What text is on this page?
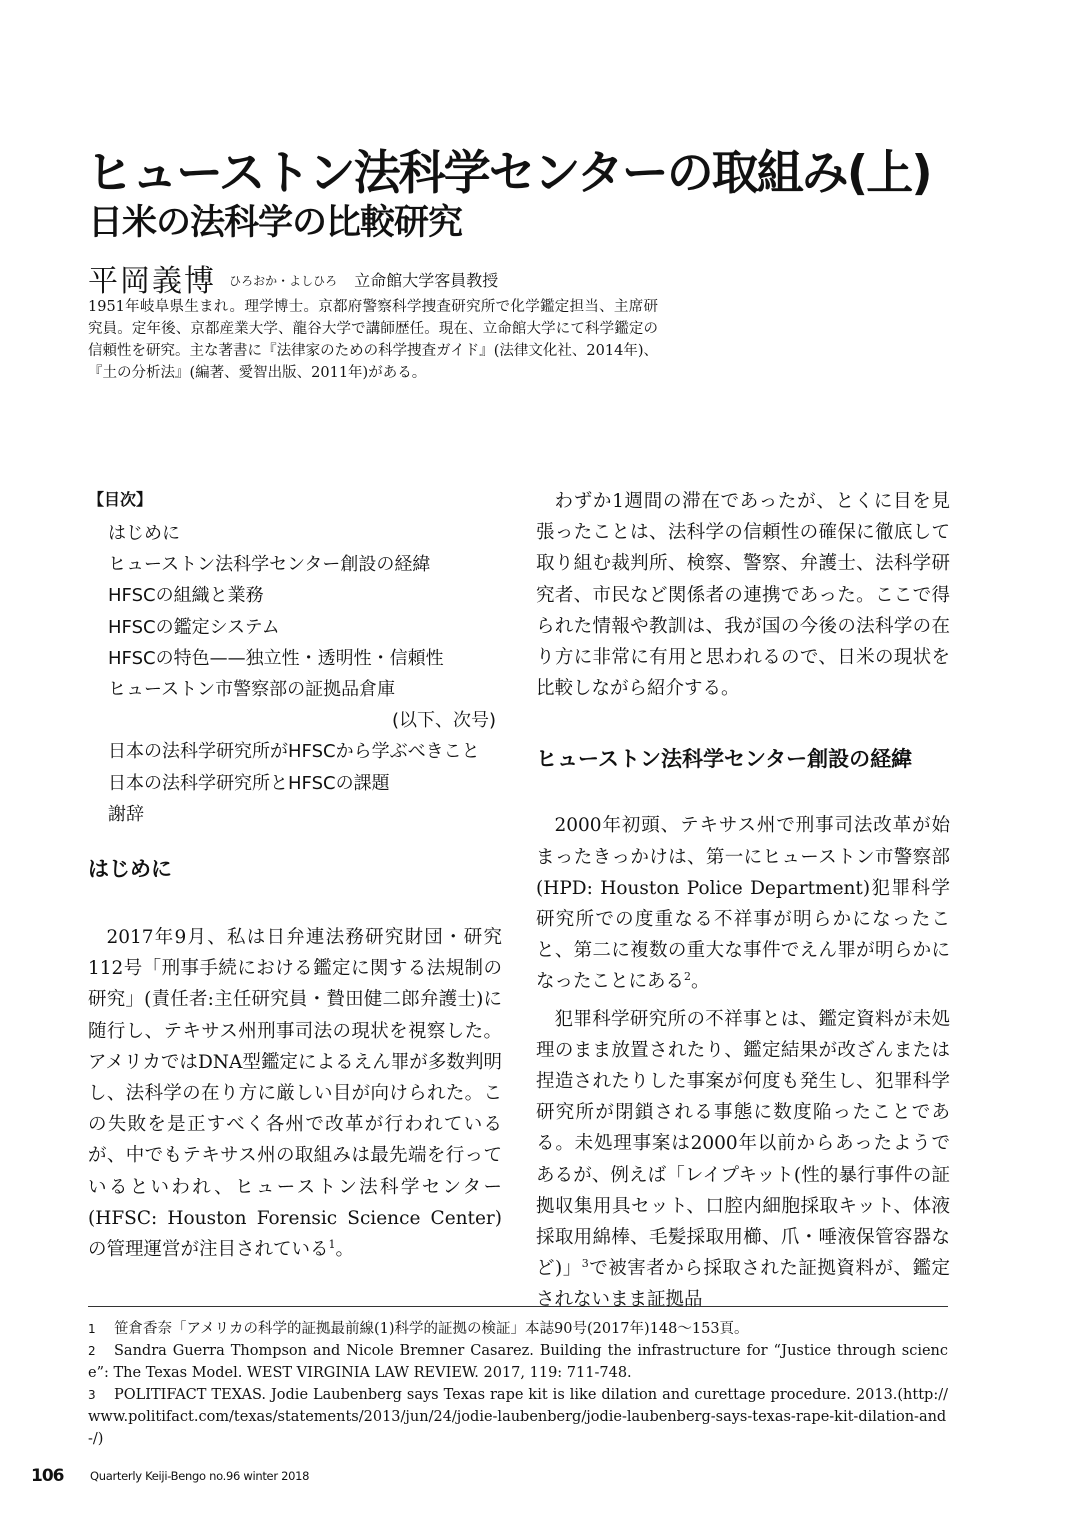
ヒューストン法科学センターの取組み(上)
日米の法科学の比較研究
平岡義博 $^{ひろおか・よしひろ}$ 立命館大学客員教授
1951年岐阜県生まれ。理学博士。京都府警察科学捜査研究所で化学鑑定担当、主席研究員。定年後、京都産業大学、龍谷大学で講師歴任。現在、立命館大学にて科学鑑定の信頼性を研究。主な著書に『法律家のための科学捜査ガイド』(法律文化社、2014年)、『土の分析法』(編著、愛智出版、2011年)がある。
【目次】
はじめに
ヒューストン法科学センター創設の経緯
HFSCの組織と業務
HFSCの鑑定システム
HFSCの特色——独立性・透明性・信頼性
ヒューストン市警察部の証拠品倉庫
(以下、次号)
日本の法科学研究所がHFSCから学ぶべきこと
日本の法科学研究所とHFSCの課題
謝辞
はじめに

2017年9月、私は日弁連法務研究財団・研究112号「刑事手続における鑑定に関する法規制の研究」(責任者:主任研究員・贄田健二郎弁護士)に随行し、テキサス州刑事司法の現状を視察した。アメリカではDNA型鑑定によるえん罪が多数判明し、法科学の在り方に厳しい目が向けられた。この失敗を是正すべく各州で改革が行われているが、中でもテキサス州の取組みは最先端を行っているといわれ、ヒューストン法科学センター(HFSC: Houston Forensic Science Center)の管理運営が注目されている$^1$。

わずか1週間の滞在であったが、とくに目を見張ったことは、法科学の信頼性の確保に徹底して取り組む裁判所、検察、警察、弁護士、法科学研究者、市民など関係者の連携であった。ここで得られた情報や教訓は、我が国の今後の法科学の在り方に非常に有用と思われるので、日米の現状を比較しながら紹介する。

ヒューストン法科学センター創設の経緯

2000年初頭、テキサス州で刑事司法改革が始まったきっかけは、第一にヒューストン市警察部(HPD: Houston Police Department)犯罪科学研究所での度重なる不祥事が明らかになったこと、第二に複数の重大な事件でえん罪が明らかになったことにある$^2$。

犯罪科学研究所の不祥事とは、鑑定資料が未処理のまま放置されたり、鑑定結果が改ざんまたは捏造されたりした事案が何度も発生し、犯罪科学研究所が閉鎖される事態に数度陥ったことである。未処理事案は2000年以前からあったようであるが、例えば「レイプキット(性的暴行事件の証拠収集用具セット、口腔内細胞採取キット、体液採取用綿棒、毛髪採取用櫛、爪・唾液保管容器など)」$^3$で被害者から採取された証拠資料が、鑑定されないまま証拠品

1 笹倉香奈「アメリカの科学的証拠最前線(1)科学的証拠の検証」本誌90号(2017年)148〜153頁。
2 Sandra Guerra Thompson and Nicole Bremner Casarez. Building the infrastructure for “Justice through science”: The Texas Model. WEST VIRGINIA LAW REVIEW. 2017, 119: 711-748.
3 POLITIFACT TEXAS. Jodie Laubenberg says Texas rape kit is like dilation and curettage procedure. 2013.(http://www.politifact.com/texas/statements/2013/jun/24/jodie-laubenberg/jodie-laubenberg-says-texas-rape-kit-dilation-and-/)
106 Quarterly Keiji-Bengo no.96 winter 2018
